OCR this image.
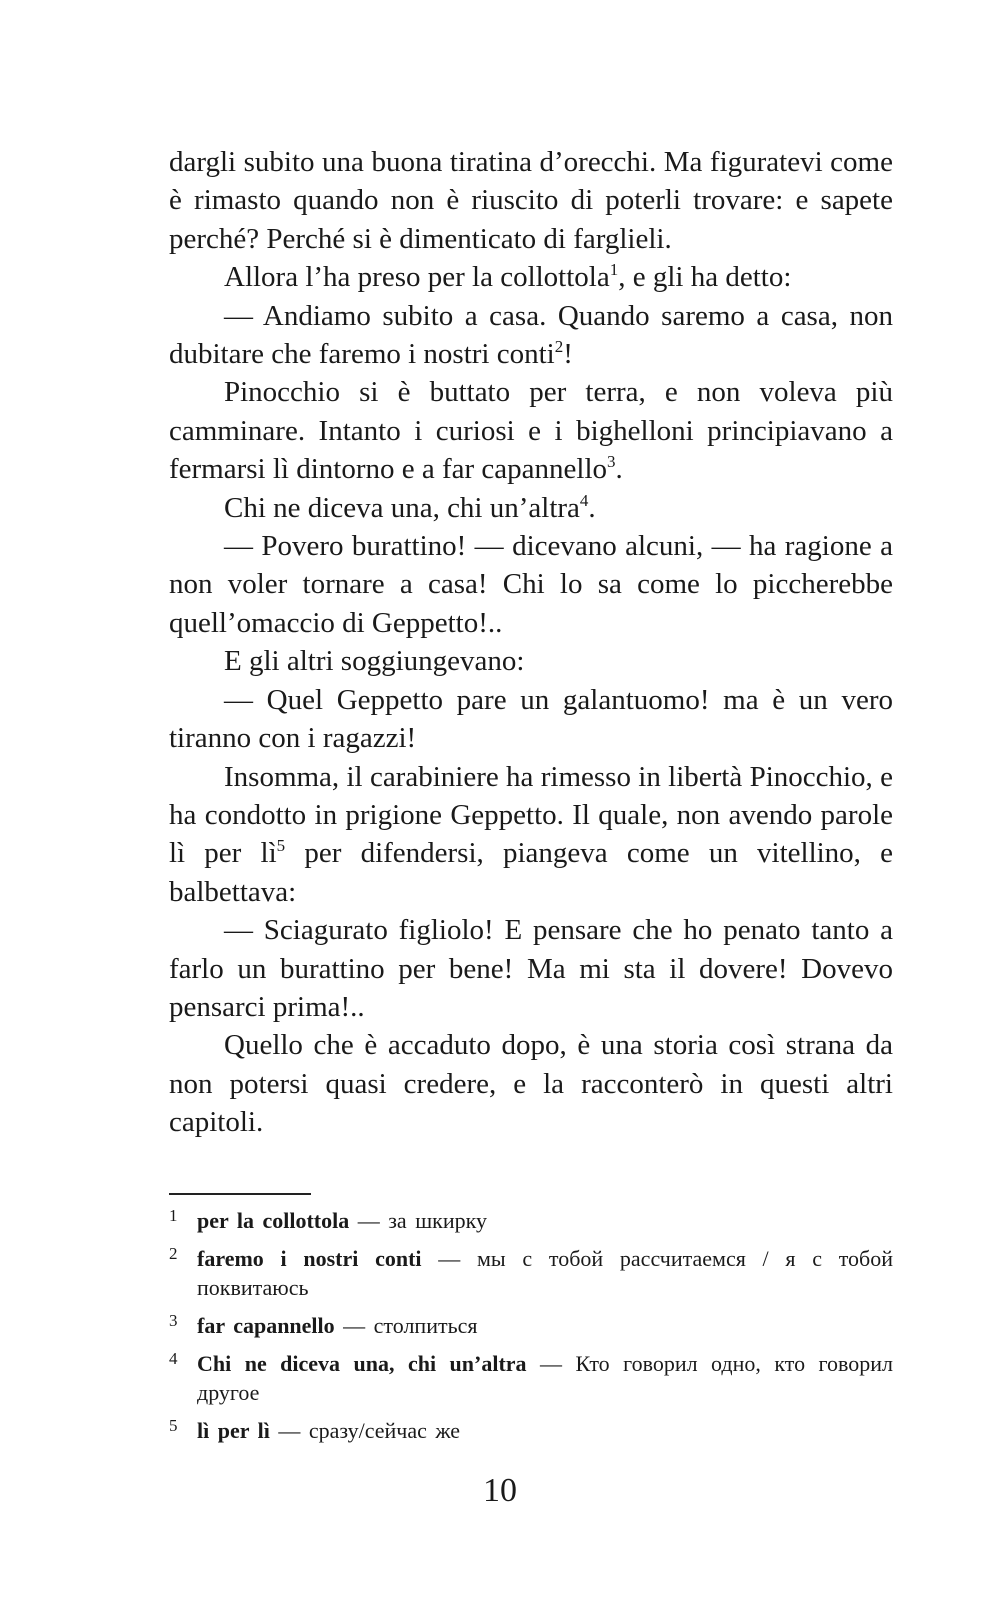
dargli subito una buona tiratina d’orecchi. Ma figuratevi come è rimasto quando non è riuscito di poterli trovare: e sapete perché? Perché si è dimenticato di farglieli.

Allora l’ha preso per la collottola$^1$, e gli ha detto:

— Andiamo subito a casa. Quando saremo a casa, non dubitare che faremo i nostri conti$^2$!

Pinocchio si è buttato per terra, e non voleva più camminare. Intanto i curiosi e i bighelloni principiavano a fermarsi lì dintorno e a far capannello$^3$.

Chi ne diceva una, chi un’altra$^4$.

— Povero burattino! — dicevano alcuni, — ha ragione a non voler tornare a casa! Chi lo sa come lo piccherebbe quell’omaccio di Geppetto!..

E gli altri soggiungevano:

— Quel Geppetto pare un galantuomo! ma è un vero tiranno con i ragazzi!

Insomma, il carabiniere ha rimesso in libertà Pinocchio, e ha condotto in prigione Geppetto. Il quale, non avendo parole lì per $lì^5$ per difendersi, piangeva come un vitellino, e balbettava:

— Sciagurato figliolo! E pensare che ho penato tanto a farlo un burattino per bene! Ma mi sta il dovere! Dovevo pensarci prima!..

Quello che è accaduto dopo, è una storia così strana da non potersi quasi credere, e la racconterò in questi altri capitoli.

1 per la collottola — за шкирку
2 faremo i nostri conti — мы с тобой рассчитаемся / я с тобой поквитаюсь
3 far capannello — столпиться
4 Chi ne diceva una, chi un’altra — Кто говорил одно, кто говорил другое
5 lì per lì — сразу/сейчас же
10
